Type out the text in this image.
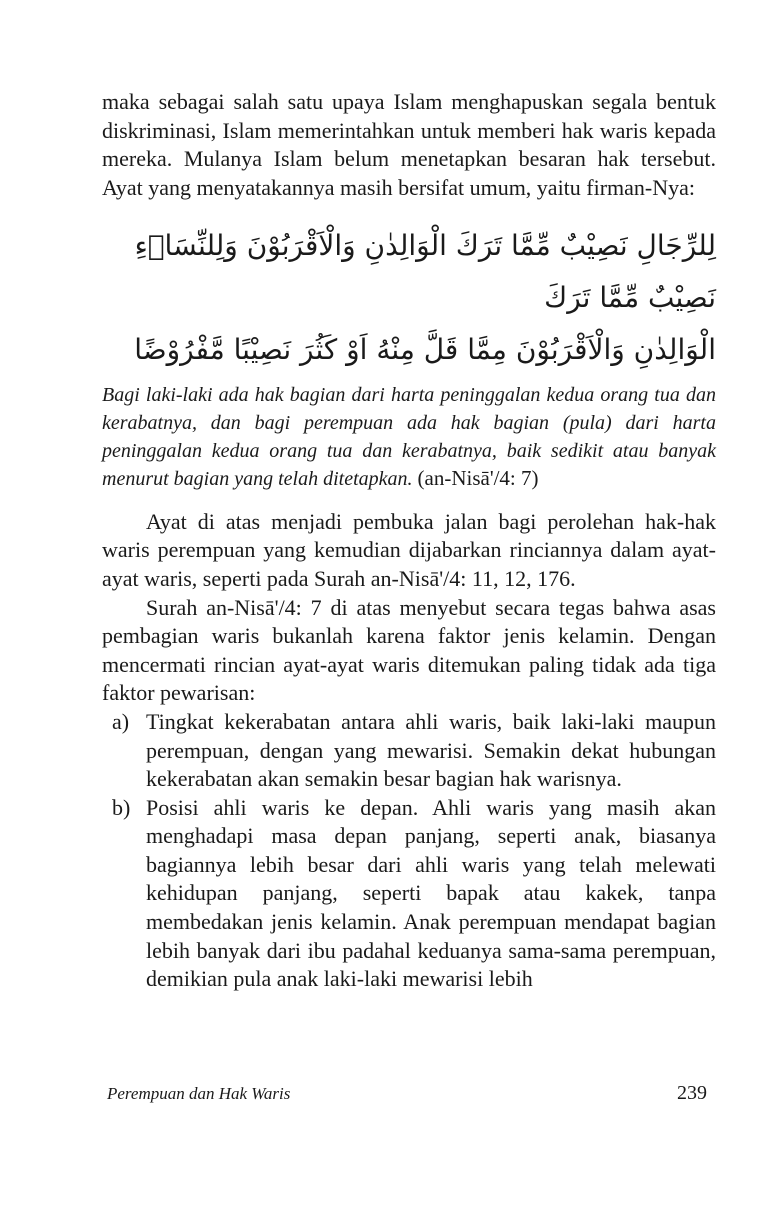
maka sebagai salah satu upaya Islam menghapuskan segala bentuk diskriminasi, Islam memerintahkan untuk memberi hak waris kepada mereka. Mulanya Islam belum menetapkan besaran hak tersebut. Ayat yang menyatakannya masih bersifat umum, yaitu firman-Nya:

لِلرِّجَالِ نَصِيْبٌ مِّمَّا تَرَكَ الْوَالِدٰنِ وَالْاَقْرَبُوْنَ وَلِلنِّسَاۤءِ نَصِيْبٌ مِّمَّا تَرَكَ
الْوَالِدٰنِ وَالْاَقْرَبُوْنَ مِمَّا قَلَّ مِنْهُ اَوْ كَثُرَ نَصِيْبًا مَّفْرُوْضًا

Bagi laki-laki ada hak bagian dari harta peninggalan kedua orang tua dan kerabatnya, dan bagi perempuan ada hak bagian (pula) dari harta peninggalan kedua orang tua dan kerabatnya, baik sedikit atau banyak menurut bagian yang telah ditetapkan. (an-Nisā'/4: 7)

Ayat di atas menjadi pembuka jalan bagi perolehan hak-hak waris perempuan yang kemudian dijabarkan rinciannya dalam ayat-ayat waris, seperti pada Surah an-Nisā'/4: 11, 12, 176.

Surah an-Nisā'/4: 7 di atas menyebut secara tegas bahwa asas pembagian waris bukanlah karena faktor jenis kelamin. Dengan mencermati rincian ayat-ayat waris ditemukan paling tidak ada tiga faktor pewarisan:

a) Tingkat kekerabatan antara ahli waris, baik laki-laki maupun perempuan, dengan yang mewarisi. Semakin dekat hubungan kekerabatan akan semakin besar bagian hak warisnya.
b) Posisi ahli waris ke depan. Ahli waris yang masih akan menghadapi masa depan panjang, seperti anak, biasanya bagiannya lebih besar dari ahli waris yang telah melewati kehidupan panjang, seperti bapak atau kakek, tanpa membedakan jenis kelamin. Anak perempuan mendapat bagian lebih banyak dari ibu padahal keduanya sama-sama perempuan, demikian pula anak laki-laki mewarisi lebih
Perempuan dan Hak Waris	239
